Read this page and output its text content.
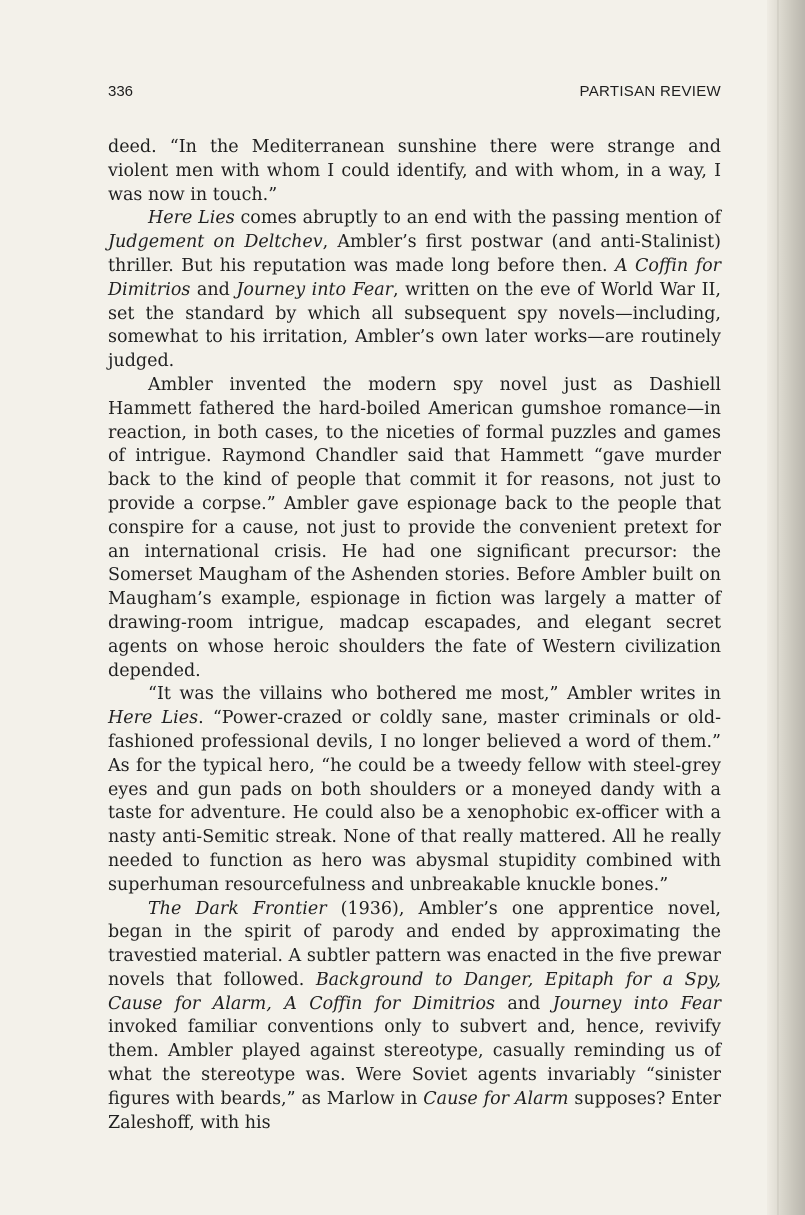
336	PARTISAN REVIEW

deed. “In the Mediterranean sunshine there were strange and violent men with whom I could identify, and with whom, in a way, I was now in touch.”

Here Lies comes abruptly to an end with the passing mention of Judgement on Deltchev, Ambler’s first postwar (and anti-Stalinist) thriller. But his reputation was made long before then. A Coffin for Dimitrios and Journey into Fear, written on the eve of World War II, set the standard by which all subsequent spy novels—including, somewhat to his irritation, Ambler’s own later works—are routinely judged.

Ambler invented the modern spy novel just as Dashiell Hammett fathered the hard-boiled American gumshoe romance—in reaction, in both cases, to the niceties of formal puzzles and games of intrigue. Raymond Chandler said that Hammett “gave murder back to the kind of people that commit it for reasons, not just to provide a corpse.” Ambler gave espionage back to the people that conspire for a cause, not just to provide the convenient pretext for an international crisis. He had one significant precursor: the Somerset Maugham of the Ashenden stories. Before Ambler built on Maugham’s example, espionage in fiction was largely a matter of drawing-room intrigue, madcap escapades, and elegant secret agents on whose heroic shoulders the fate of Western civilization depended.

“It was the villains who bothered me most,” Ambler writes in Here Lies. “Power-crazed or coldly sane, master criminals or old-fashioned professional devils, I no longer believed a word of them.” As for the typical hero, “he could be a tweedy fellow with steel-grey eyes and gun pads on both shoulders or a moneyed dandy with a taste for adventure. He could also be a xenophobic ex-officer with a nasty anti-Semitic streak. None of that really mattered. All he really needed to function as hero was abysmal stupidity combined with superhuman resourcefulness and unbreakable knuckle bones.”

The Dark Frontier (1936), Ambler’s one apprentice novel, began in the spirit of parody and ended by approximating the travestied material. A subtler pattern was enacted in the five prewar novels that followed. Background to Danger, Epitaph for a Spy, Cause for Alarm, A Coffin for Dimitrios and Journey into Fear invoked familiar conventions only to subvert and, hence, revivify them. Ambler played against stereotype, casually reminding us of what the stereotype was. Were Soviet agents invariably “sinister figures with beards,” as Marlow in Cause for Alarm supposes? Enter Zaleshoff, with his
